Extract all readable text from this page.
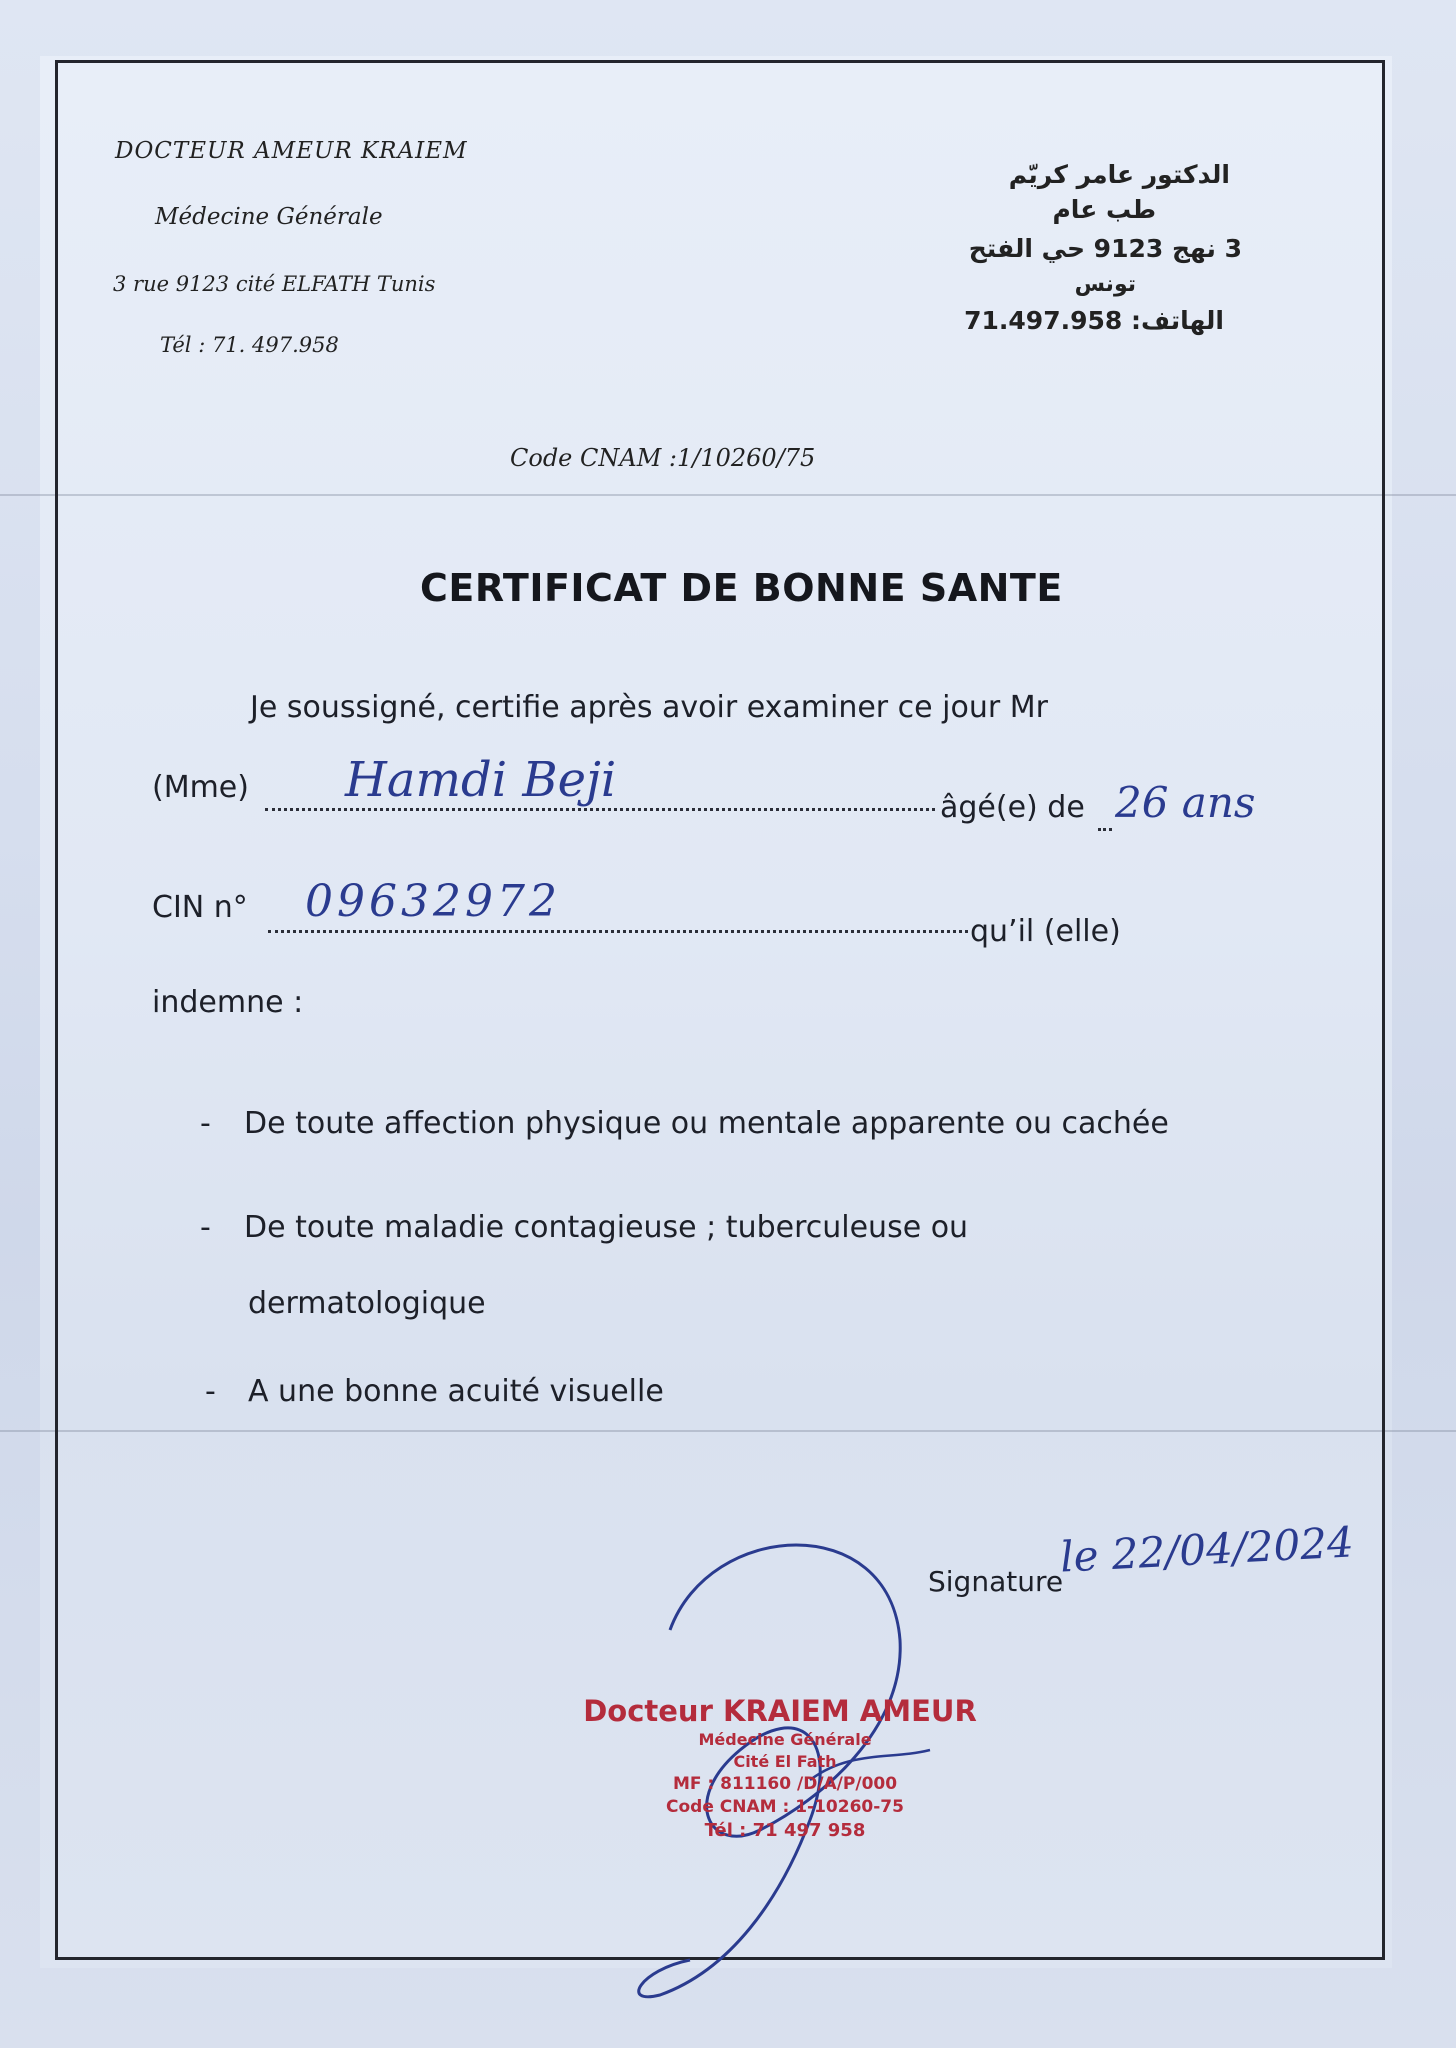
DOCTEUR AMEUR KRAIEM
Médecine Générale
3 rue 9123 cité ELFATH Tunis
Tél : 71. 497.958
الدكتور عامر كريّم
طب عام
3 نهج 9123 حي الفتح
تونس
الهاتف: 71.497.958
Code CNAM :1/10260/75
CERTIFICAT DE BONNE SANTE
Je soussigné, certifie après avoir examiner ce jour Mr
(Mme) Hamdi Beji	âgé(e) de 26 ans
CIN n° 09632972
qu’il (elle)
indemne :
- De toute affection physique ou mentale apparente ou cachée
- De toute maladie contagieuse ; tuberculeuse ou
dermatologique
- A une bonne acuité visuelle
le 22/04/2024
Signature
Docteur KRAIEM AMEUR
Médecine Générale
Cité El Fath
MF : 811160 /D/A/P/000
Code CNAM : 1-10260-75
Tél : 71 497 958
